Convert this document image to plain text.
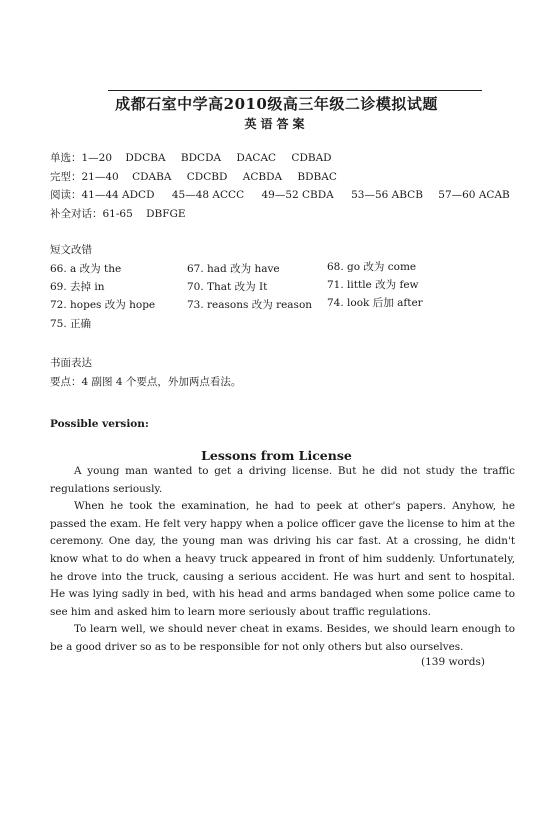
成都石室中学高2010级高三年级二诊模拟试题
英语答案
单选：1—20 DDCBA BDCDA DACAC CDBAD
完型：21—40 CDABA CDCBD ACBDA BDBAC
阅读：41—44 ADCD 45—48 ACCC 49—52 CBDA 53—56 ABCB 57—60 ACAB
补全对话：61-65 DBFGE
短文改错
66. a 改为 the	67. had 改为 have	68. go 改为 come
69. 去掉 in	70. That 改为 It	71. little 改为 few
72. hopes 改为 hope	73. reasons 改为 reason 74. look 后加 after
75. 正确
书面表达
要点：4 副图 4 个要点，外加两点看法。
Possible version:
Lessons from License

A young man wanted to get a driving license. But he did not study the traffic regulations seriously.

When he took the examination, he had to peek at other's papers. Anyhow, he passed the exam. He felt very happy when a police officer gave the license to him at the ceremony. One day, the young man was driving his car fast. At a crossing, he didn't know what to do when a heavy truck appeared in front of him suddenly. Unfortunately, he drove into the truck, causing a serious accident. He was hurt and sent to hospital. He was lying sadly in bed, with his head and arms bandaged when some police came to see him and asked him to learn more seriously about traffic regulations.

To learn well, we should never cheat in exams. Besides, we should learn enough to be a good driver so as to be responsible for not only others but also ourselves.

(139 words)
